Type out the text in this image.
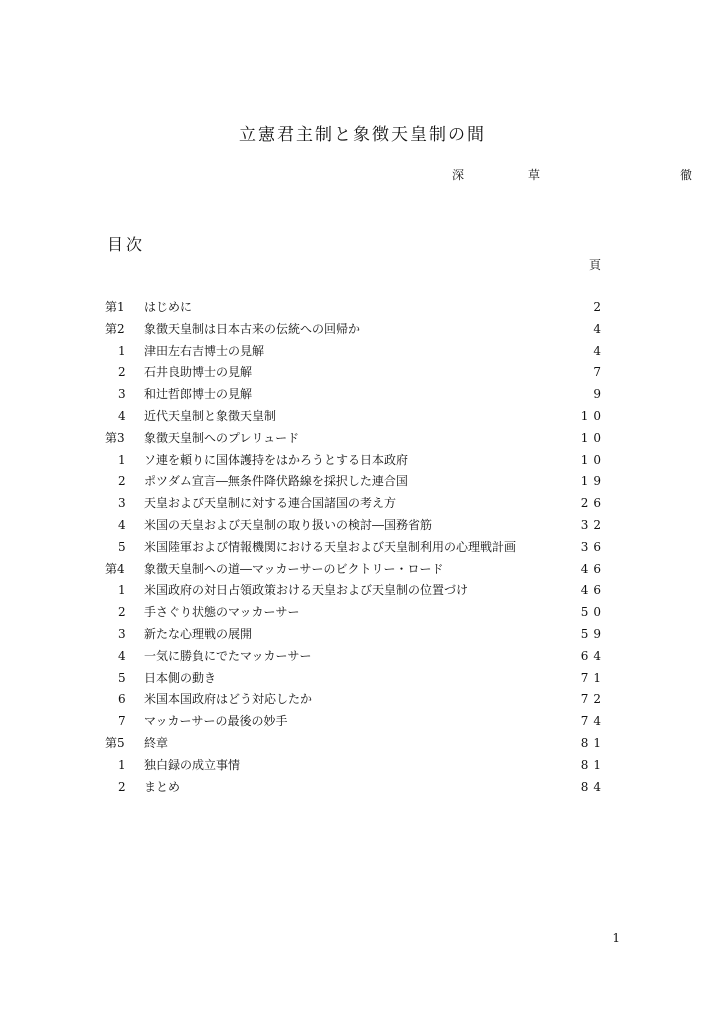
立憲君主制と象徴天皇制の間
深　草　　　徹
目次
頁
第1	はじめに	2
第2	象徴天皇制は日本古来の伝統への回帰か	4
1	津田左右吉博士の見解	4
2	石井良助博士の見解	7
3	和辻哲郎博士の見解	9
4	近代天皇制と象徴天皇制	10
第3	象徴天皇制へのプレリュード	10
1	ソ連を頼りに国体護持をはかろうとする日本政府	10
2	ポツダム宣言―無条件降伏路線を採択した連合国	19
3	天皇および天皇制に対する連合国諸国の考え方	26
4	米国の天皇および天皇制の取り扱いの検討―国務省筋	32
5	米国陸軍および情報機関における天皇および天皇制利用の心理戦計画	36
第4	象徴天皇制への道―マッカーサーのビクトリー・ロード	46
1	米国政府の対日占領政策おける天皇および天皇制の位置づけ	46
2	手さぐり状態のマッカーサー	50
3	新たな心理戦の展開	59
4	一気に勝負にでたマッカーサー	64
5	日本側の動き	71
6	米国本国政府はどう対応したか	72
7	マッカーサーの最後の妙手	74
第5	終章	81
1	独白録の成立事情	81
2	まとめ	84
1
